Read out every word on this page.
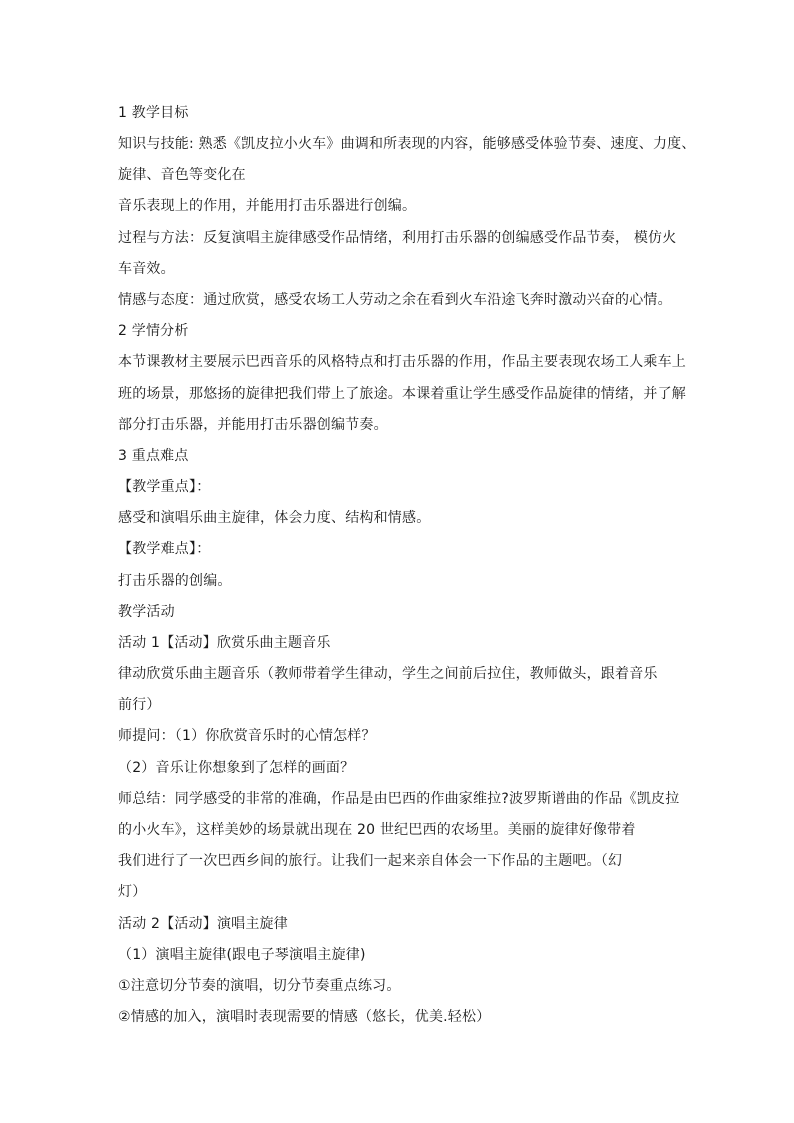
1 教学目标
知识与技能: 熟悉《凯皮拉小火车》曲调和所表现的内容，能够感受体验节奏、速度、力度、
旋律、音色等变化在
音乐表现上的作用，并能用打击乐器进行创编。
过程与方法：反复演唱主旋律感受作品情绪，利用打击乐器的创编感受作品节奏， 模仿火
车音效。
情感与态度：通过欣赏，感受农场工人劳动之余在看到火车沿途飞奔时激动兴奋的心情。
2 学情分析
本节课教材主要展示巴西音乐的风格特点和打击乐器的作用，作品主要表现农场工人乘车上
班的场景，那悠扬的旋律把我们带上了旅途。本课着重让学生感受作品旋律的情绪，并了解
部分打击乐器，并能用打击乐器创编节奏。
3 重点难点
【教学重点】：
感受和演唱乐曲主旋律，体会力度、结构和情感。
【教学难点】：
打击乐器的创编。
教学活动
活动 1【活动】欣赏乐曲主题音乐
律动欣赏乐曲主题音乐（教师带着学生律动，学生之间前后拉住，教师做头，跟着音乐
前行）
师提问：（1）你欣赏音乐时的心情怎样？
（2）音乐让你想象到了怎样的画面？
师总结：同学感受的非常的准确，作品是由巴西的作曲家维拉?波罗斯谱曲的作品《凯皮拉
的小火车》，这样美妙的场景就出现在 20 世纪巴西的农场里。美丽的旋律好像带着
我们进行了一次巴西乡间的旅行。让我们一起来亲自体会一下作品的主题吧。（幻
灯）
活动 2【活动】演唱主旋律
（1）演唱主旋律(跟电子琴演唱主旋律)
①注意切分节奏的演唱，切分节奏重点练习。
②情感的加入，演唱时表现需要的情感（悠长，优美.轻松）
